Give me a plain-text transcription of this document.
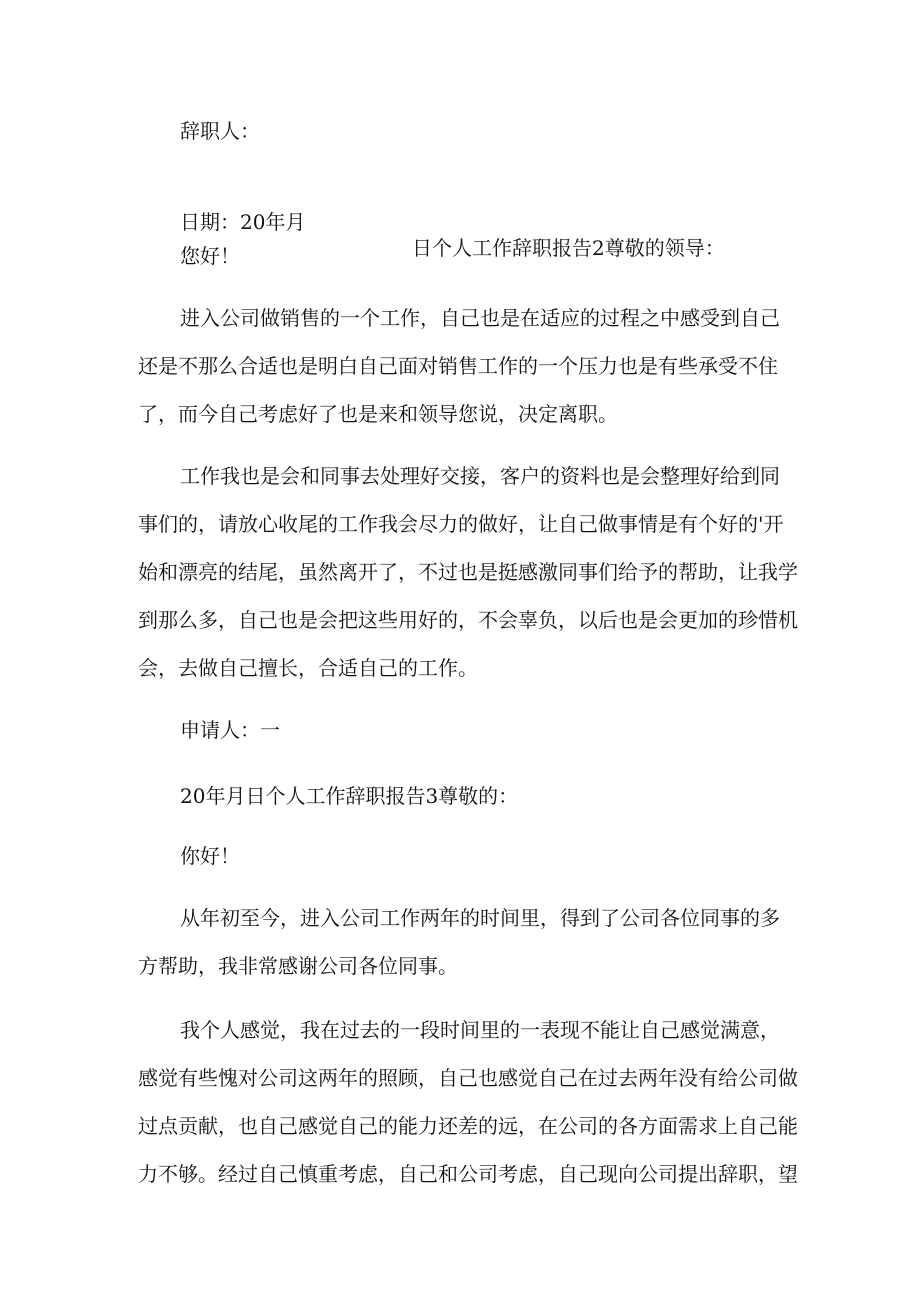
辞职人：

日期：20年月

日个人工作辞职报告2尊敬的领导：

您好！
进入公司做销售的一个工作，自己也是在适应的过程之中感受到自己
还是不那么合适也是明白自己面对销售工作的一个压力也是有些承受不住
了，而今自己考虑好了也是来和领导您说，决定离职。
工作我也是会和同事去处理好交接，客户的资料也是会整理好给到同
事们的，请放心收尾的工作我会尽力的做好，让自己做事情是有个好的'开
始和漂亮的结尾，虽然离开了，不过也是挺感激同事们给予的帮助，让我学
到那么多，自己也是会把这些用好的，不会辜负，以后也是会更加的珍惜机
会，去做自己擅长，合适自己的工作。
申请人：一
20年月日个人工作辞职报告3尊敬的：
你好！
从年初至今，进入公司工作两年的时间里，得到了公司各位同事的多
方帮助，我非常感谢公司各位同事。
我个人感觉，我在过去的一段时间里的一表现不能让自己感觉满意，
感觉有些愧对公司这两年的照顾，自己也感觉自己在过去两年没有给公司做
过点贡献，也自己感觉自己的能力还差的远，在公司的各方面需求上自己能
力不够。经过自己慎重考虑，自己和公司考虑，自己现向公司提出辞职，望
